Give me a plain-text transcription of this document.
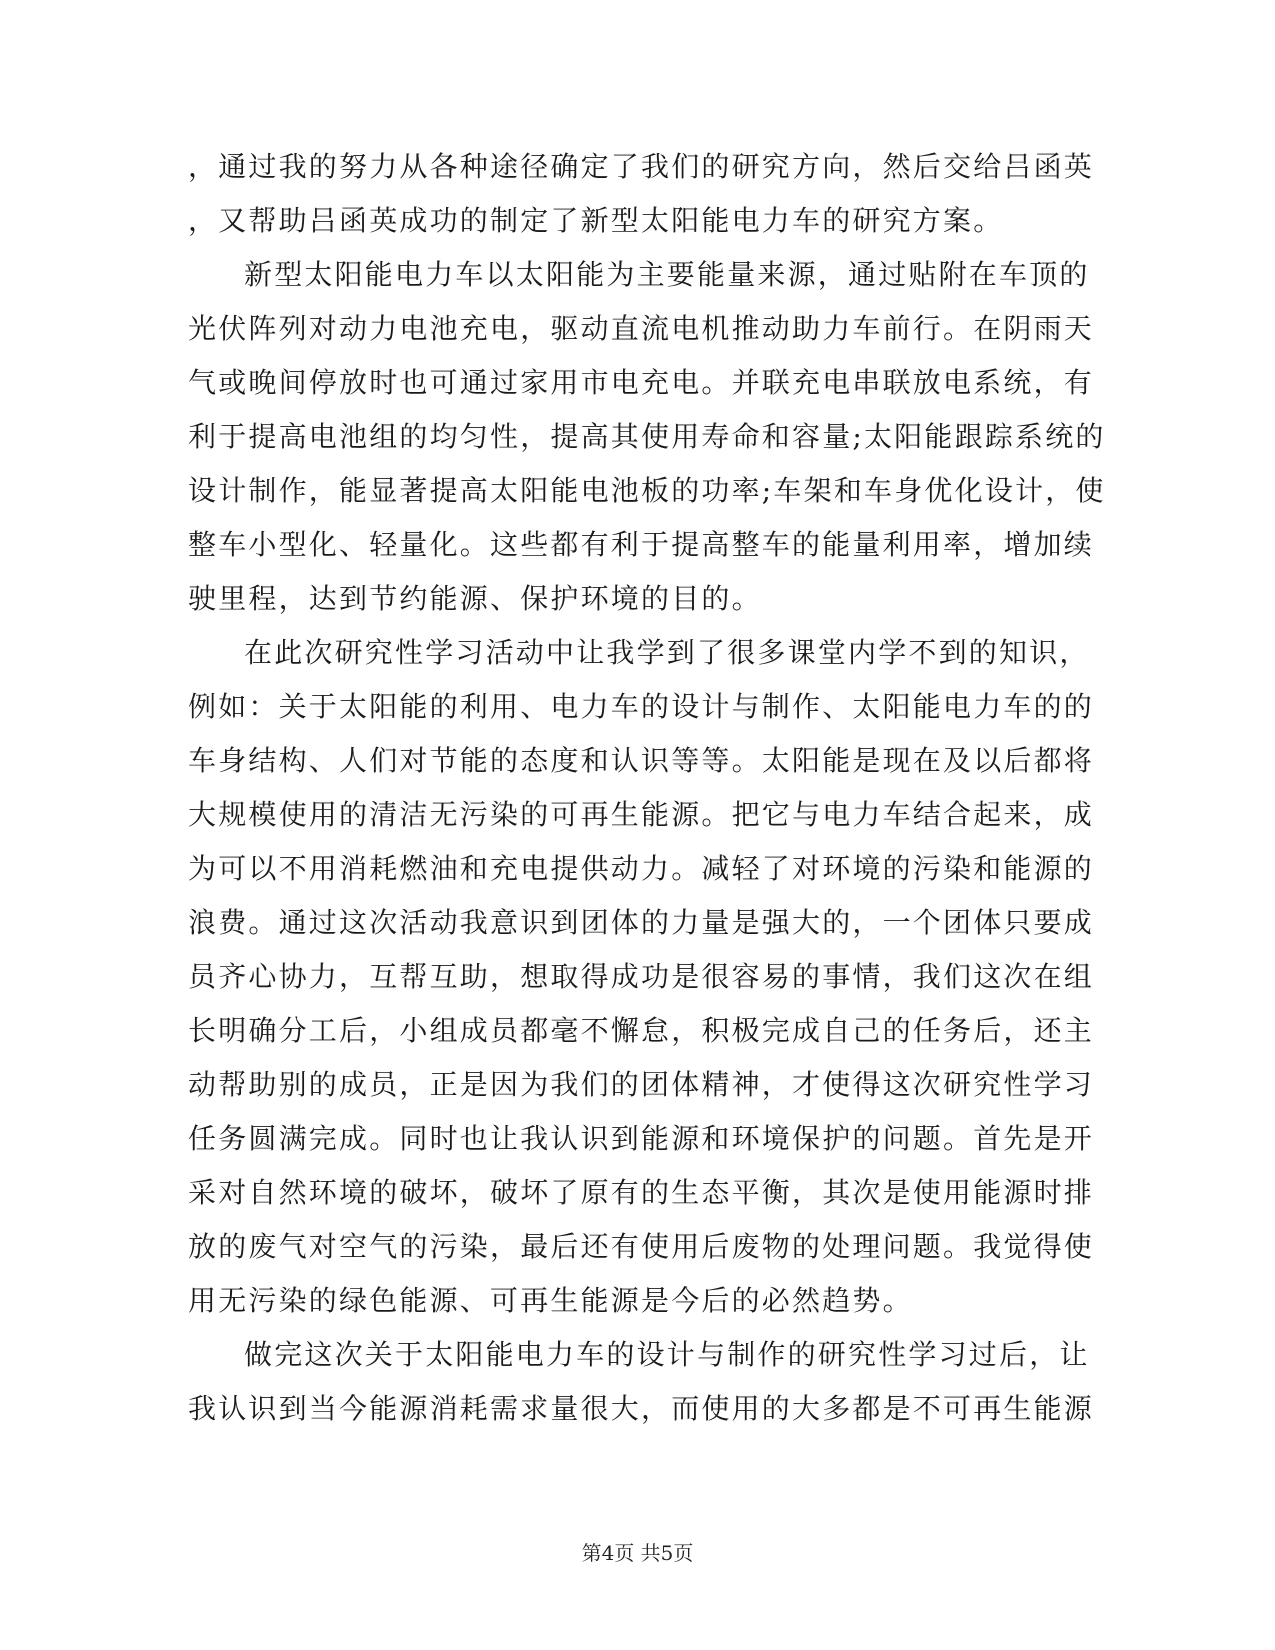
，通过我的努力从各种途径确定了我们的研究方向，然后交给吕函英
，又帮助吕函英成功的制定了新型太阳能电力车的研究方案。
新型太阳能电力车以太阳能为主要能量来源，通过贴附在车顶的
光伏阵列对动力电池充电，驱动直流电机推动助力车前行。在阴雨天
气或晚间停放时也可通过家用市电充电。并联充电串联放电系统，有
利于提高电池组的均匀性，提高其使用寿命和容量;太阳能跟踪系统的
设计制作，能显著提高太阳能电池板的功率;车架和车身优化设计，使
整车小型化、轻量化。这些都有利于提高整车的能量利用率，增加续
驶里程，达到节约能源、保护环境的目的。
在此次研究性学习活动中让我学到了很多课堂内学不到的知识，
例如：关于太阳能的利用、电力车的设计与制作、太阳能电力车的的
车身结构、人们对节能的态度和认识等等。太阳能是现在及以后都将
大规模使用的清洁无污染的可再生能源。把它与电力车结合起来，成
为可以不用消耗燃油和充电提供动力。减轻了对环境的污染和能源的
浪费。通过这次活动我意识到团体的力量是强大的，一个团体只要成
员齐心协力，互帮互助，想取得成功是很容易的事情，我们这次在组
长明确分工后，小组成员都毫不懈怠，积极完成自己的任务后，还主
动帮助别的成员，正是因为我们的团体精神，才使得这次研究性学习
任务圆满完成。同时也让我认识到能源和环境保护的问题。首先是开
采对自然环境的破坏，破坏了原有的生态平衡，其次是使用能源时排
放的废气对空气的污染，最后还有使用后废物的处理问题。我觉得使
用无污染的绿色能源、可再生能源是今后的必然趋势。
做完这次关于太阳能电力车的设计与制作的研究性学习过后，让
我认识到当今能源消耗需求量很大，而使用的大多都是不可再生能源
第4页 共5页
